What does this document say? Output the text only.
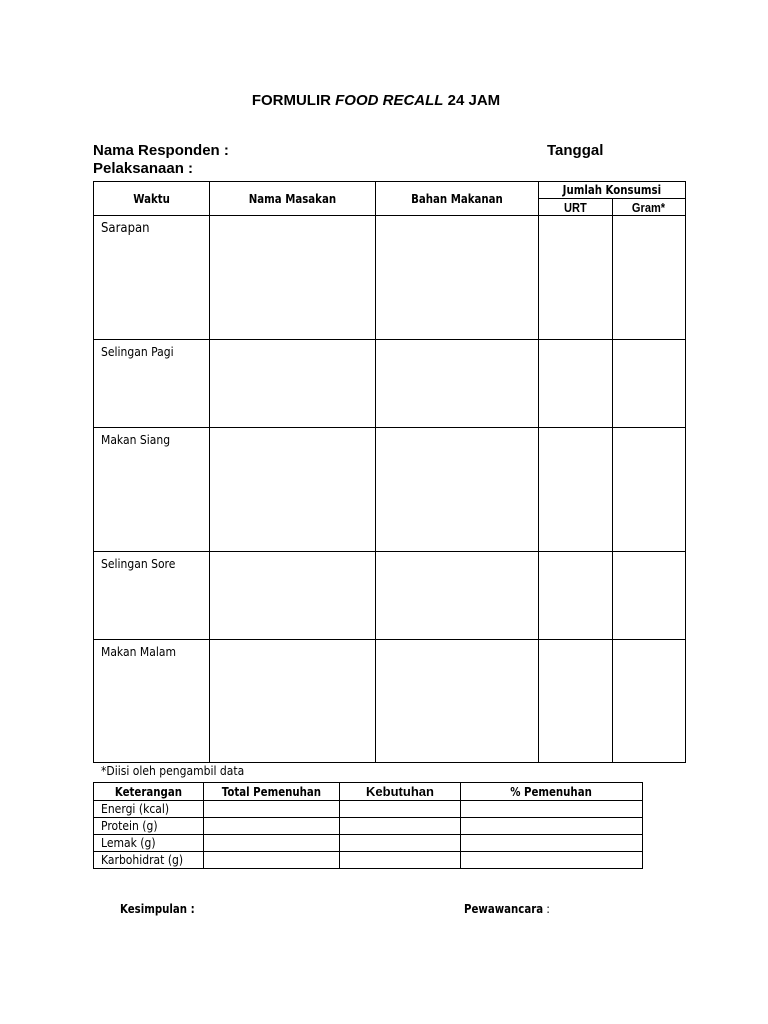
FORMULIR FOOD RECALL 24 JAM
Nama Responden :	Tanggal
Pelaksanaan :
Waktu	Nama Masakan	Bahan Makanan	Jumlah Konsumsi	
			URT	Gram*
Sarapan				
Selingan Pagi				
Makan Siang				
Selingan Sore				
Makan Malam				
*Diisi oleh pengambil data
Keterangan	Total Pemenuhan	Kebutuhan	% Pemenuhan
Energi (kcal)			
Protein (g)			
Lemak (g)			
Karbohidrat (g)			
Kesimpulan :	Pewawancara :
